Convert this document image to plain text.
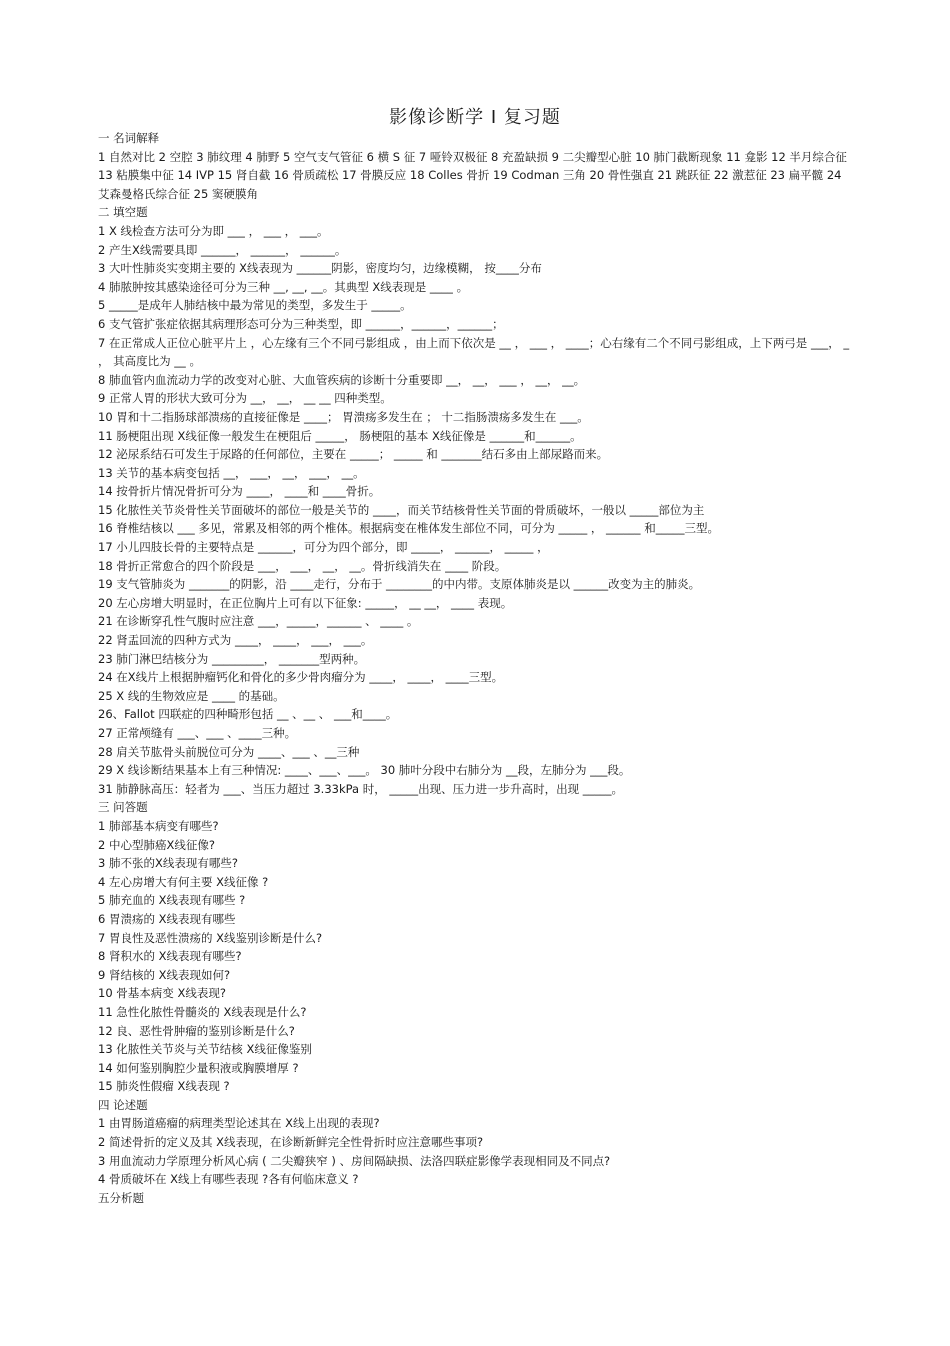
影像诊断学 Ⅰ 复习题

一 名词解释

1 自然对比 2 空腔 3 肺纹理 4 肺野 5 空气支气管征 6 横 S 征 7 哑铃双极征 8 充盈缺损 9 二尖瓣型心脏 10 肺门截断现象 11 龛影 12 半月综合征 13 粘膜集中征 14 IVP 15 肾自截 16 骨质疏松 17 骨膜反应 18 Colles 骨折 19 Codman 三角 20 骨性强直 21 跳跃征 22 激惹征 23 扁平髋 24 艾森曼格氏综合征 25 窦硬膜角

二 填空题

1 X 线检查方法可分为即 ___ ， ___ ， ___。

2 产生X线需要具即 ______， ______， ______。

3 大叶性肺炎实变期主要的 X线表现为 ______阴影，密度均匀，边缘模糊， 按____分布

4 肺脓肿按其感染途径可分为三种 __, __, __。其典型 X线表现是 ____ 。

5 _____是成年人肺结核中最为常见的类型，多发生于 _____。

6 支气管扩张症依据其病理形态可分为三种类型，即 ______，______，______；

7 在正常成人正位心脏平片上 ，心左缘有三个不同弓影组成 ，由上而下依次是 __ ， ___ ， ____；心右缘有二个不同弓影组成，上下两弓是 ___， _ ， 其高度比为 __ 。

8 肺血管内血流动力学的改变对心脏、大血管疾病的诊断十分重要即 __， __， ___ ， __， __。

9 正常人胃的形状大致可分为 __， __， __ __ 四种类型。

10 胃和十二指肠球部溃疡的直接征像是 ____； 胃溃疡多发生在 ； 十二指肠溃疡多发生在 ___。

11 肠梗阻出现 X线征像一般发生在梗阻后 _____， 肠梗阻的基本 X线征像是 ______和______。

12 泌尿系结石可发生于尿路的任何部位，主要在 _____； _____ 和 _______结石多由上部尿路而来。

13 关节的基本病变包括 __， ___， __， ___， __。

14 按骨折片情况骨折可分为 ____， ____和 ____骨折。

15 化脓性关节炎骨性关节面破坏的部位一般是关节的 ____，而关节结核骨性关节面的骨质破坏，一般以 _____部位为主

16 脊椎结核以 ___ 多见，常累及相邻的两个椎体。根据病变在椎体发生部位不同，可分为 _____ ， ______ 和_____三型。

17 小儿四肢长骨的主要特点是 ______，可分为四个部分，即 _____， ______， _____ ，

18 骨折正常愈合的四个阶段是 ___， ___， __， __。骨折线消失在 ____ 阶段。

19 支气管肺炎为 _______的阴影，沿 ____走行，分布于 ________的中内带。支原体肺炎是以 ______改变为主的肺炎。

20 左心房增大明显时，在正位胸片上可有以下征象: _____， __ __， ____ 表现。

21 在诊断穿孔性气腹时应注意 ___，_____，______ 、 ____ 。

22 肾盂回流的四种方式为 ____， ____， ___， ___。

23 肺门淋巴结核分为 _________， _______型两种。

24 在X线片上根据肿瘤钙化和骨化的多少骨肉瘤分为 ____， ____， ____三型。

25 X 线的生物效应是 ____ 的基础。

26、Fallot 四联症的四种畸形包括 __ 、__ 、 ___和____。

27 正常颅缝有 ___、___ 、____三种。

28 肩关节肱骨头前脱位可分为 ____、___ 、__三种

29 X 线诊断结果基本上有三种情况: ____、___、___。 30 肺叶分段中右肺分为 __段，左肺分为 ___段。

31 肺静脉高压：轻者为 ___、当压力超过 3.33kPa 时， _____出现、压力进一步升高时，出现 _____。

三 问答题

1 肺部基本病变有哪些?

2 中心型肺癌X线征像?

3 肺不张的X线表现有哪些?

4 左心房增大有何主要 X线征像 ?

5 肺充血的 X线表现有哪些 ?

6 胃溃疡的 X线表现有哪些

7 胃良性及恶性溃疡的 X线鉴别诊断是什么?

8 肾积水的 X线表现有哪些?

9 肾结核的 X线表现如何?

10 骨基本病变 X线表现?

11 急性化脓性骨髓炎的 X线表现是什么?

12 良、恶性骨肿瘤的鉴别诊断是什么?

13 化脓性关节炎与关节结核 X线征像鉴别

14 如何鉴别胸腔少量积液或胸膜增厚 ?

15 肺炎性假瘤 X线表现 ?

四 论述题

1 由胃肠道癌瘤的病理类型论述其在 X线上出现的表现?

2 简述骨折的定义及其 X线表现，在诊断新鲜完全性骨折时应注意哪些事项?

3 用血流动力学原理分析风心病 ( 二尖瓣狭窄 ) 、房间隔缺损、法洛四联症影像学表现相同及不同点?

4 骨质破坏在 X线上有哪些表现 ?各有何临床意义 ?

五分析题
